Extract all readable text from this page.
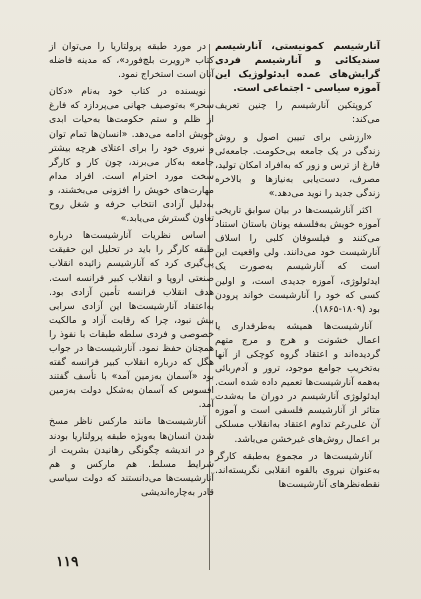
آنارشیسم کمونیستی، آنارشیسم سندیکائی و آنارشیسم فردی گرایش‌های عمده ایدئولوژیک این آموزه سیاسی - اجتماعی است.

کروپتکین آنارشیسم را چنین تعریف می‌کند:

«ارزشی برای تبیین اصول و روش زندگی در یک جامعه بی‌حکومت. جامعه‌ئی فارغ از ترس و زور که به‌افراد امکان تولید، مصرف، دست‌یابی به‌نیازها و بالاخره زندگی جدید را نوید می‌دهد.»

اکثر آنارشیست‌ها در بیان سوابق تاریخی آموزه خویش به‌فلسفه یونان باستان استناد می‌کنند و فیلسوفان کلبی را اسلاف آنارشیست خود می‌دانند. ولی واقعیت این است که آنارشیسم به‌صورت یک ایدئولوژی، آموزه جدیدی است، و اولین کسی که خود را آنارشیست خواند پرودن بود (۱۸۰۹-۱۸۶۵).

آنارشیست‌ها همیشه به‌طرفداری یا اعمال خشونت و هرج و مرج متهم گردیده‌اند و اعتقاد گروه کوچکی از آنها به‌تخریب جوامع موجود، ترور و آدم‌ربائی به‌همه آنارشیست‌ها تعمیم داده شده است. ایدئولوژی آنارشیسم در دوران ما به‌شدت متاثر از آنارشیسم فلسفی است و آموزه آن علی‌رغم تداوم اعتقاد به‌انقلاب مسلکی بر اعمال روش‌های غیرخشن می‌باشد.

آنارشیست‌ها در مجموع به‌طبقه کارگر به‌عنوان نیروی بالقوه انقلابی نگریسته‌اند. نقطه‌نظرهای آنارشیست‌ها

در مورد طبقه پرولتاریا را می‌توان از کتاب «رویرت بلچ‌فورد»، که مدینه فاضله آنان است استخراج نمود.

نویسنده در کتاب خود به‌نام «دکان سحر» به‌توصیف جهانی می‌پردازد که فارغ از ظلم و ستم حکومت‌ها به‌حیات ابدی خویش ادامه می‌دهد. «انسان‌ها تمام توان و نیروی خود را برای اعتلای هرچه بیشتر جامعه به‌کار می‌برند، چون کار و کارگر سخت مورد احترام است. افراد مدام مهارت‌های خویش را افزونی می‌بخشند، و به‌دلیل آزادی انتخاب حرفه و شغل روح تعاون گسترش می‌یابد.»

اساس نظریات آنارشیست‌ها درباره طبقه کارگر را باید در تحلیل این حقیقت پی‌گیری کرد که آنارشیسم زائیده انقلاب صنعتی اروپا و انقلاب کبیر فرانسه است. هدف انقلاب فرانسه تأمین آزادی بود. به‌اعتقاد آنارشیست‌ها این آزادی سرابی بیش نبود، چرا که رقابت آزاد و مالکیت خصوصی و فردی سلطه طبقات با نفوذ را همچنان حفظ نمود. آنارشیست‌ها در جواب هگل که درباره انقلاب کبیر فرانسه گفته بود «آسمان به‌زمین آمد» با تأسف گفتند افسوس که آسمان به‌شکل دولت به‌زمین آمد.

آنارشیست‌ها مانند مارکس ناظر مسخ شدن انسان‌ها به‌ویژه طبقه پرولتاریا بودند و در اندیشه چگونگی رهانیدن بشریت از شرایط مسلط. هم مارکس و هم آنارشیست‌ها می‌دانستند که دولت سیاسی قادر به‌چاره‌اندیشی

۱۱۹
